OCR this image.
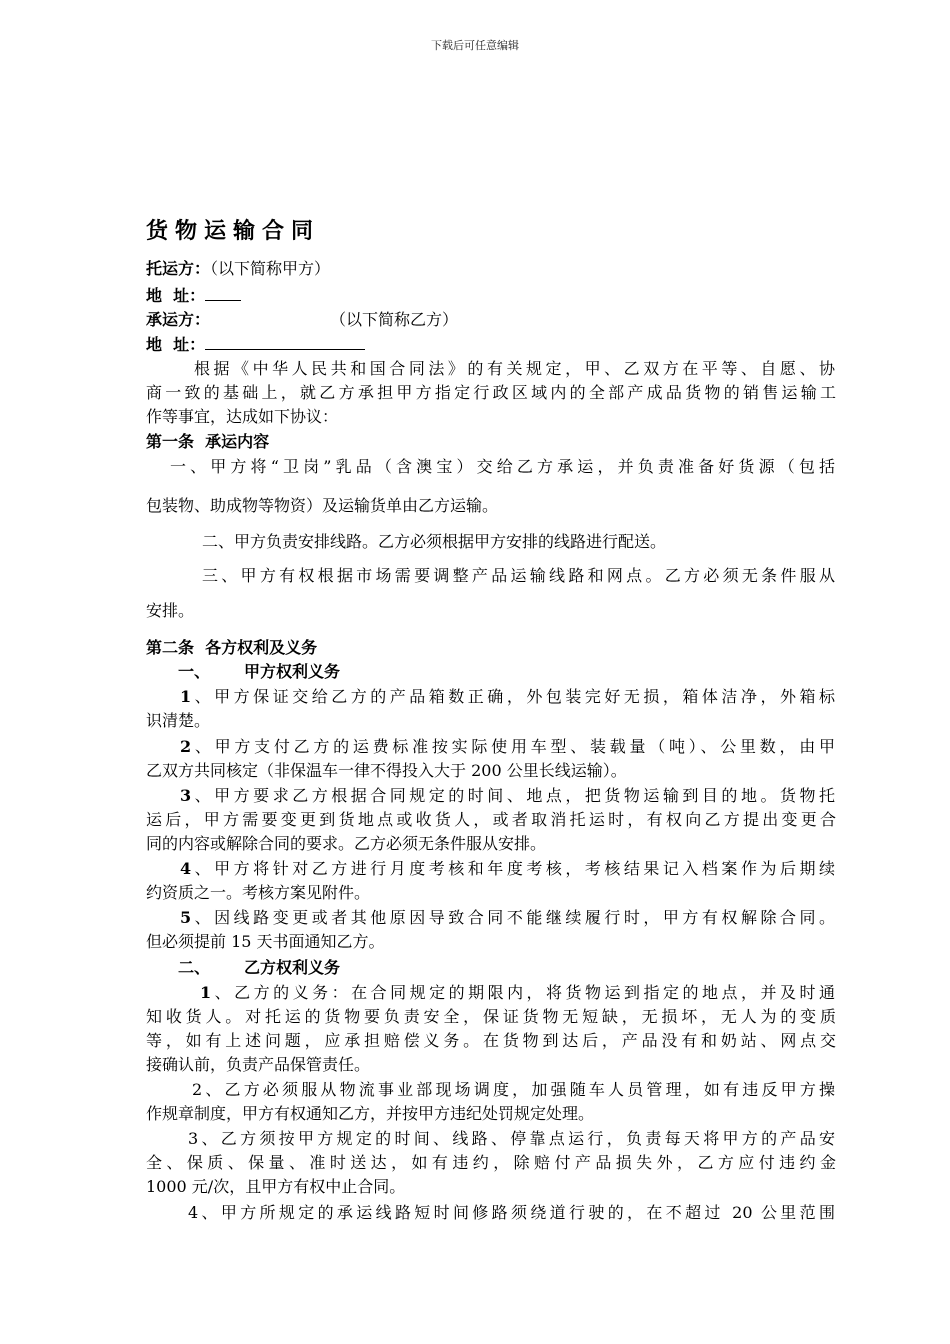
下载后可任意编辑
货物运输合同
托运方：（以下简称甲方）
地  址：
承运方：	（以下简称乙方）
地  址：
根据《中华人民共和国合同法》的有关规定，甲、乙双方在平等、自愿、协
商一致的基础上，就乙方承担甲方指定行政区域内的全部产成品货物的销售运输工
作等事宜，达成如下协议：
第一条  承运内容
一、甲方将“卫岗”乳品（含澳宝）交给乙方承运，并负责准备好货源（包括
包装物、助成物等物资）及运输货单由乙方运输。
二、甲方负责安排线路。乙方必须根据甲方安排的线路进行配送。
三、甲方有权根据市场需要调整产品运输线路和网点。乙方必须无条件服从
安排。
第二条  各方权利及义务
一、	甲方权利义务
1、甲方保证交给乙方的产品箱数正确，外包装完好无损，箱体洁净，外箱标
识清楚。
2、甲方支付乙方的运费标准按实际使用车型、装载量（吨）、公里数，由甲
乙双方共同核定（非保温车一律不得投入大于 200 公里长线运输）。
3、甲方要求乙方根据合同规定的时间、地点，把货物运输到目的地。货物托
运后，甲方需要变更到货地点或收货人，或者取消托运时，有权向乙方提出变更合
同的内容或解除合同的要求。乙方必须无条件服从安排。
4、甲方将针对乙方进行月度考核和年度考核，考核结果记入档案作为后期续
约资质之一。考核方案见附件。
5、因线路变更或者其他原因导致合同不能继续履行时，甲方有权解除合同。
但必须提前 15 天书面通知乙方。
二、	乙方权利义务
1、乙方的义务：在合同规定的期限内，将货物运到指定的地点，并及时通
知收货人。对托运的货物要负责安全，保证货物无短缺，无损坏，无人为的变质
等，如有上述问题，应承担赔偿义务。在货物到达后，产品没有和奶站、网点交
接确认前，负责产品保管责任。
2、乙方必须服从物流事业部现场调度，加强随车人员管理，如有违反甲方操
作规章制度，甲方有权通知乙方，并按甲方违纪处罚规定处理。
3、乙方须按甲方规定的时间、线路、停靠点运行，负责每天将甲方的产品安
全、保质、保量、准时送达，如有违约，除赔付产品损失外，乙方应付违约金
1000 元/次，且甲方有权中止合同。
4、甲方所规定的承运线路短时间修路须绕道行驶的，在不超过 20 公里范围
